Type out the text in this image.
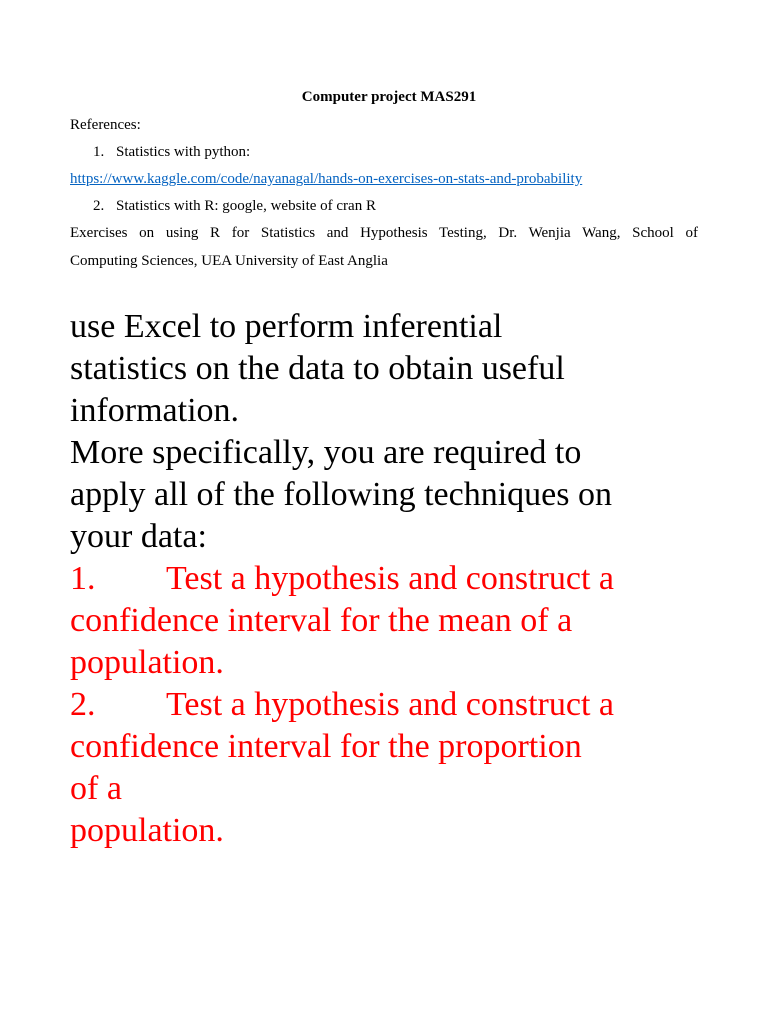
Computer project MAS291
References:
1. Statistics with python:
https://www.kaggle.com/code/nayanagal/hands-on-exercises-on-stats-and-probability
2. Statistics with R: google, website of cran R
Exercises on using R for Statistics and Hypothesis Testing, Dr. Wenjia Wang, School of
Computing Sciences, UEA University of East Anglia
use Excel to perform inferential
statistics on the data to obtain useful
information.
More specifically, you are required to
apply all of the following techniques on
your data:
1. Test a hypothesis and construct a
confidence interval for the mean of a
population.
2. Test a hypothesis and construct a
confidence interval for the proportion
of a
population.
